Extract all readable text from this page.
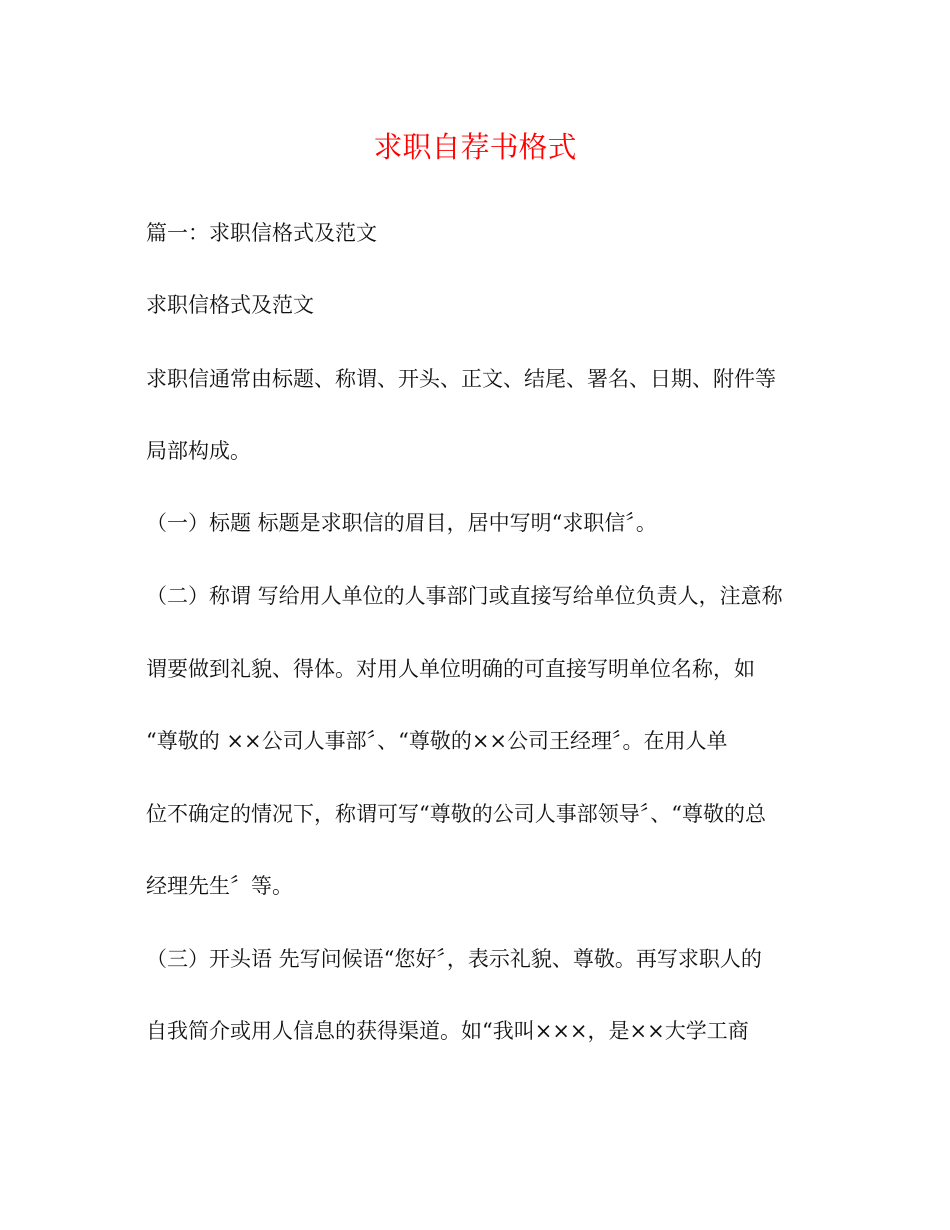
求职自荐书格式
篇一：求职信格式及范文
求职信格式及范文
求职信通常由标题、称谓、开头、正文、结尾、署名、日期、附件等
局部构成。
（一）标题 标题是求职信的眉目，居中写明“求职信〞。
（二）称谓 写给用人单位的人事部门或直接写给单位负责人，注意称
谓要做到礼貌、得体。对用人单位明确的可直接写明单位名称，如
“尊敬的 ××公司人事部〞、“尊敬的××公司王经理〞。在用人单
位不确定的情况下，称谓可写“尊敬的公司人事部领导〞、“尊敬的总
经理先生〞等。
（三）开头语 先写问候语“您好〞，表示礼貌、尊敬。再写求职人的
自我简介或用人信息的获得渠道。如“我叫×××，是××大学工商
